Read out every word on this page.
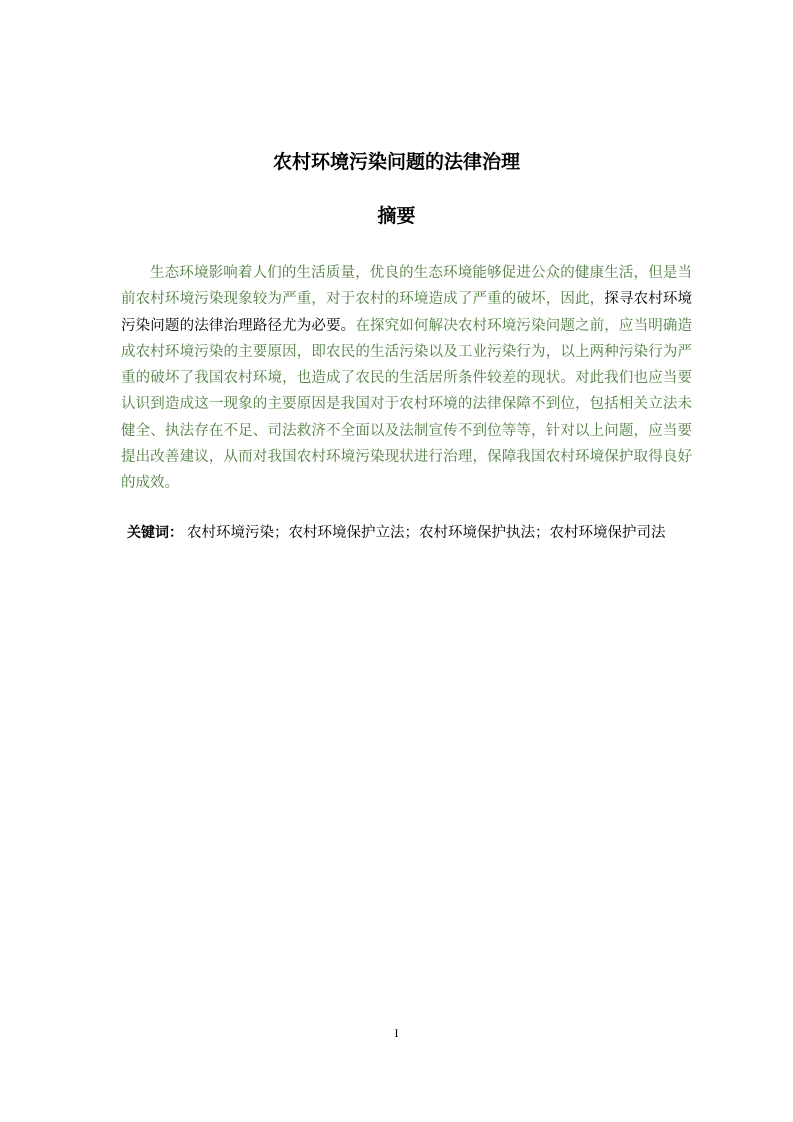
农村环境污染问题的法律治理
摘要

生态环境影响着人们的生活质量，优良的生态环境能够促进公众的健康生活，但是当前农村环境污染现象较为严重，对于农村的环境造成了严重的破坏，因此，探寻农村环境污染问题的法律治理路径尤为必要。在探究如何解决农村环境污染问题之前，应当明确造成农村环境污染的主要原因，即农民的生活污染以及工业污染行为，以上两种污染行为严重的破坏了我国农村环境，也造成了农民的生活居所条件较差的现状。对此我们也应当要认识到造成这一现象的主要原因是我国对于农村环境的法律保障不到位，包括相关立法未健全、执法存在不足、司法救济不全面以及法制宣传不到位等等，针对以上问题，应当要提出改善建议，从而对我国农村环境污染现状进行治理，保障我国农村环境保护取得良好的成效。

关键词： 农村环境污染；农村环境保护立法；农村环境保护执法；农村环境保护司法
I
